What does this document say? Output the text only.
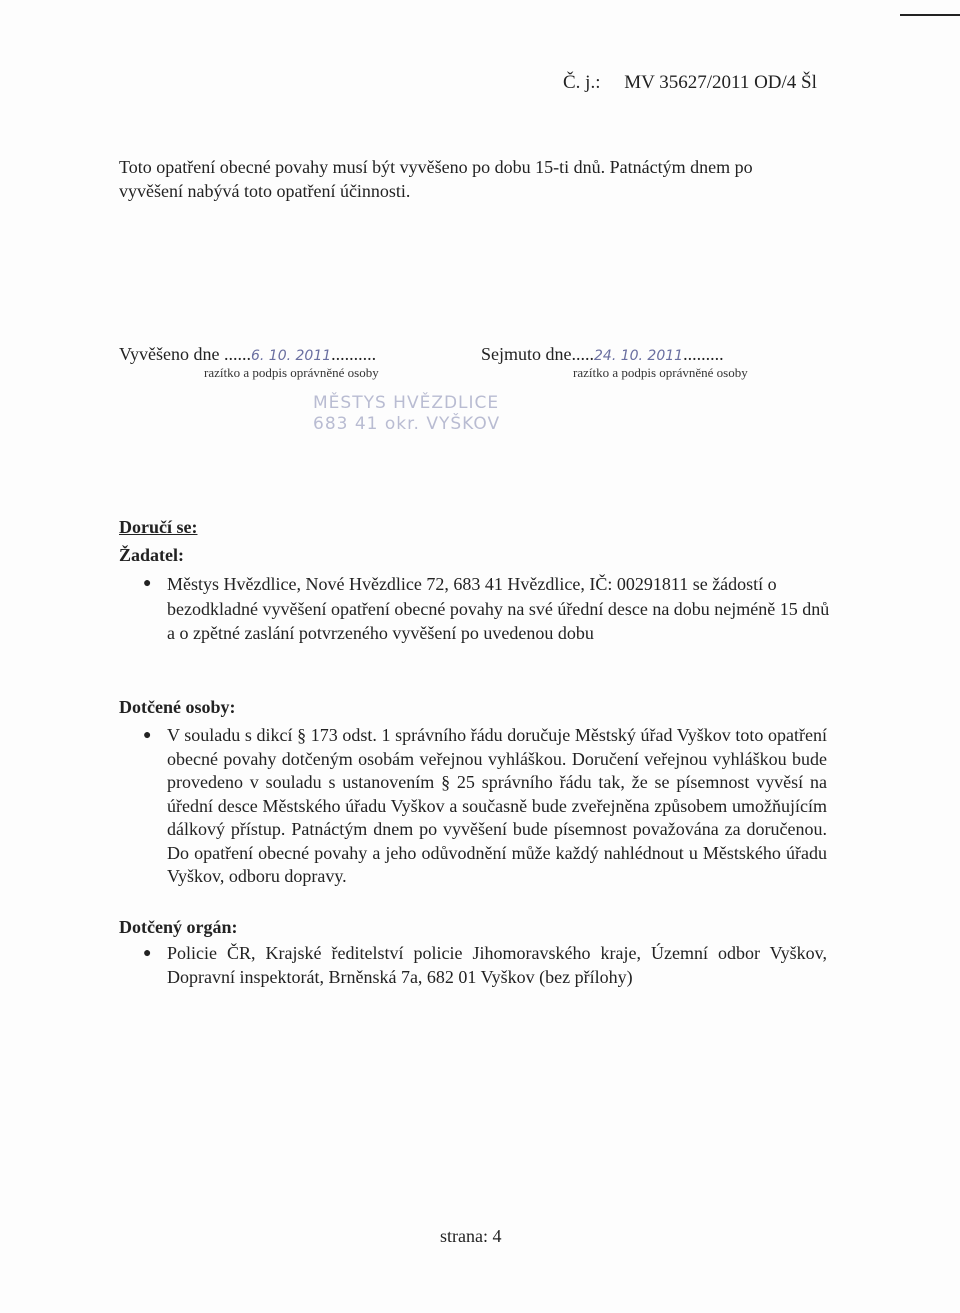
Č. j.: MV 35627/2011 OD/4 Šl
Toto opatření obecné povahy musí být vyvěšeno po dobu 15-ti dnů. Patnáctým dnem po vyvěšení nabývá toto opatření účinnosti.
Vyvěšeno dne ......6. 10. 2011..........
razítko a podpis oprávněné osoby
Sejmuto dne.....24. 10. 2011.........
razítko a podpis oprávněné osoby
MĚSTYS HVĚZDLICE
683 41 okr. VYŠKOV
Doručí se:
Žadatel:
● Městys Hvězdlice, Nové Hvězdlice 72, 683 41 Hvězdlice, IČ: 00291811 se žádostí o bezodkladné vyvěšení opatření obecné povahy na své úřední desce na dobu nejméně 15 dnů a o zpětné zaslání potvrzeného vyvěšení po uvedenou dobu
Dotčené osoby:
● V souladu s dikcí § 173 odst. 1 správního řádu doručuje Městský úřad Vyškov toto opatření obecné povahy dotčeným osobám veřejnou vyhláškou. Doručení veřejnou vyhláškou bude provedeno v souladu s ustanovením § 25 správního řádu tak, že se písemnost vyvěsí na úřední desce Městského úřadu Vyškov a současně bude zveřejněna způsobem umožňujícím dálkový přístup. Patnáctým dnem po vyvěšení bude písemnost považována za doručenou. Do opatření obecné povahy a jeho odůvodnění může každý nahlédnout u Městského úřadu Vyškov, odboru dopravy.
Dotčený orgán:
● Policie ČR, Krajské ředitelství policie Jihomoravského kraje, Územní odbor Vyškov, Dopravní inspektorát, Brněnská 7a, 682 01 Vyškov (bez přílohy)
strana: 4
